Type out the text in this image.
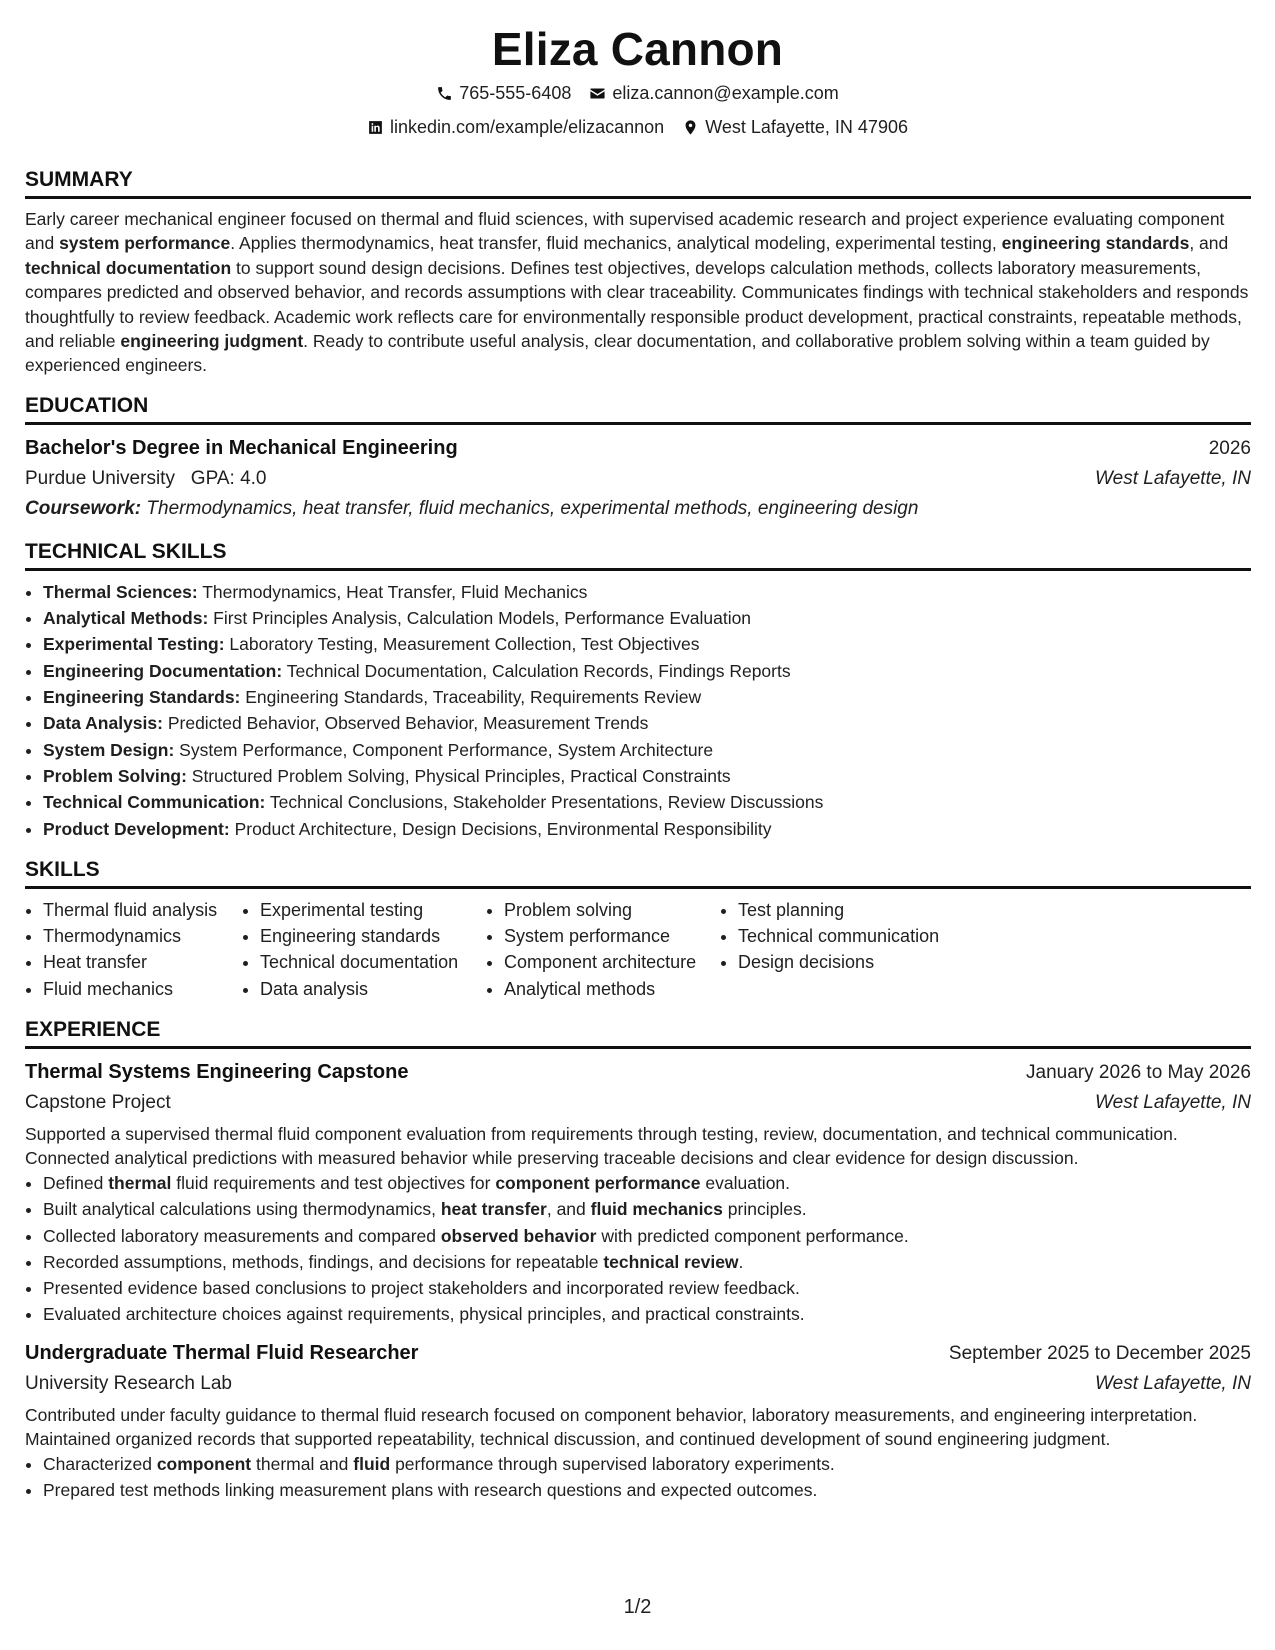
Eliza Cannon
765-555-6408 eliza.cannon@example.com
linkedin.com/example/elizacannon West Lafayette, IN 47906
SUMMARY
Early career mechanical engineer focused on thermal and fluid sciences, with supervised academic research and project experience evaluating component and system performance. Applies thermodynamics, heat transfer, fluid mechanics, analytical modeling, experimental testing, engineering standards, and technical documentation to support sound design decisions. Defines test objectives, develops calculation methods, collects laboratory measurements, compares predicted and observed behavior, and records assumptions with clear traceability. Communicates findings with technical stakeholders and responds thoughtfully to review feedback. Academic work reflects care for environmentally responsible product development, practical constraints, repeatable methods, and reliable engineering judgment. Ready to contribute useful analysis, clear documentation, and collaborative problem solving within a team guided by experienced engineers.
EDUCATION
Bachelor's Degree in Mechanical Engineering	2026
Purdue University GPA: 4.0	West Lafayette, IN
Coursework: Thermodynamics, heat transfer, fluid mechanics, experimental methods, engineering design
TECHNICAL SKILLS
• Thermal Sciences: Thermodynamics, Heat Transfer, Fluid Mechanics
• Analytical Methods: First Principles Analysis, Calculation Models, Performance Evaluation
• Experimental Testing: Laboratory Testing, Measurement Collection, Test Objectives
• Engineering Documentation: Technical Documentation, Calculation Records, Findings Reports
• Engineering Standards: Engineering Standards, Traceability, Requirements Review
• Data Analysis: Predicted Behavior, Observed Behavior, Measurement Trends
• System Design: System Performance, Component Performance, System Architecture
• Problem Solving: Structured Problem Solving, Physical Principles, Practical Constraints
• Technical Communication: Technical Conclusions, Stakeholder Presentations, Review Discussions
• Product Development: Product Architecture, Design Decisions, Environmental Responsibility
SKILLS
• Thermal fluid analysis
• Thermodynamics
• Heat transfer
• Fluid mechanics
• Experimental testing
• Engineering standards
• Technical documentation
• Data analysis
• Problem solving
• System performance
• Component architecture
• Analytical methods
• Test planning
• Technical communication
• Design decisions
EXPERIENCE
Thermal Systems Engineering Capstone	January 2026 to May 2026
Capstone Project	West Lafayette, IN
Supported a supervised thermal fluid component evaluation from requirements through testing, review, documentation, and technical communication. Connected analytical predictions with measured behavior while preserving traceable decisions and clear evidence for design discussion.
• Defined thermal fluid requirements and test objectives for component performance evaluation.
• Built analytical calculations using thermodynamics, heat transfer, and fluid mechanics principles.
• Collected laboratory measurements and compared observed behavior with predicted component performance.
• Recorded assumptions, methods, findings, and decisions for repeatable technical review.
• Presented evidence based conclusions to project stakeholders and incorporated review feedback.
• Evaluated architecture choices against requirements, physical principles, and practical constraints.
Undergraduate Thermal Fluid Researcher	September 2025 to December 2025
University Research Lab	West Lafayette, IN
Contributed under faculty guidance to thermal fluid research focused on component behavior, laboratory measurements, and engineering interpretation. Maintained organized records that supported repeatability, technical discussion, and continued development of sound engineering judgment.
• Characterized component thermal and fluid performance through supervised laboratory experiments.
• Prepared test methods linking measurement plans with research questions and expected outcomes.
1/2
